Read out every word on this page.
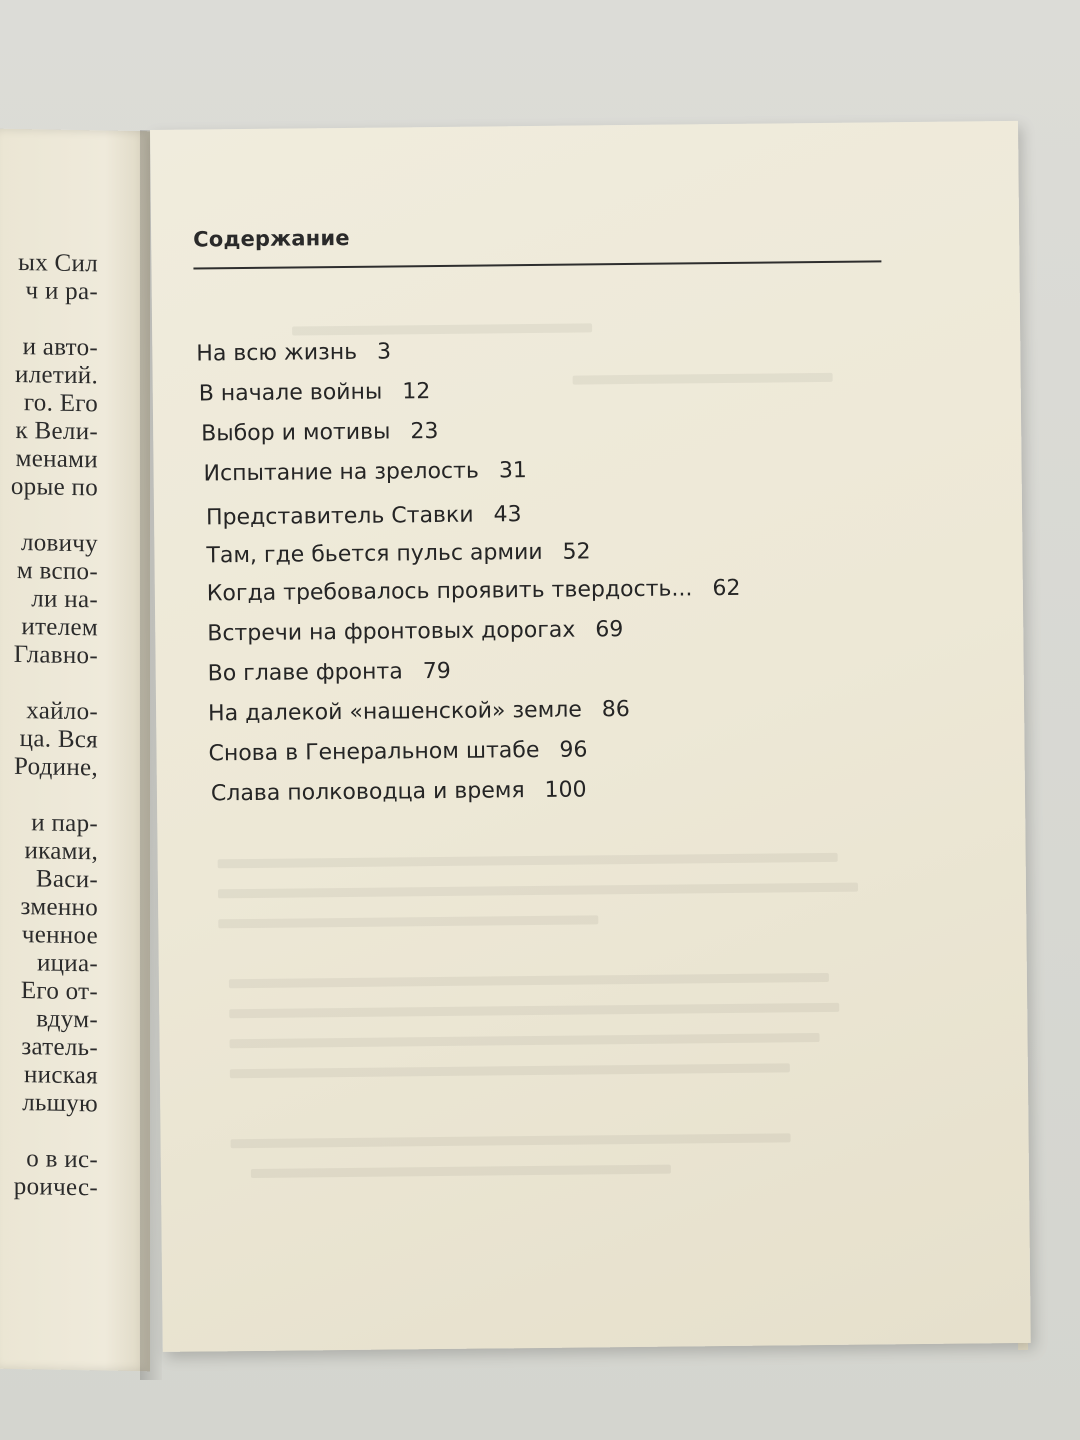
ых Сил
ч и ра-
и авто-
илетий.
го. Его
к Вели-
менами
орые по
ловичу
м вспо-
ли на-
ителем
Главно-
хайло-
ца. Вся
Родине,
и пар-
иками,
Васи-
зменно
ченное
ициа-
Его от-
вдум-
затель-
ниская
льшую
о в ис-
роичес-
Содержание
На всю жизнь 3
В начале войны 12
Выбор и мотивы 23
Испытание на зрелость 31
Представитель Ставки 43
Там, где бьется пульс армии 52
Когда требовалось проявить твердость... 62
Встречи на фронтовых дорогах 69
Во главе фронта 79
На далекой «нашенской» земле 86
Снова в Генеральном штабе 96
Слава полководца и время 100
